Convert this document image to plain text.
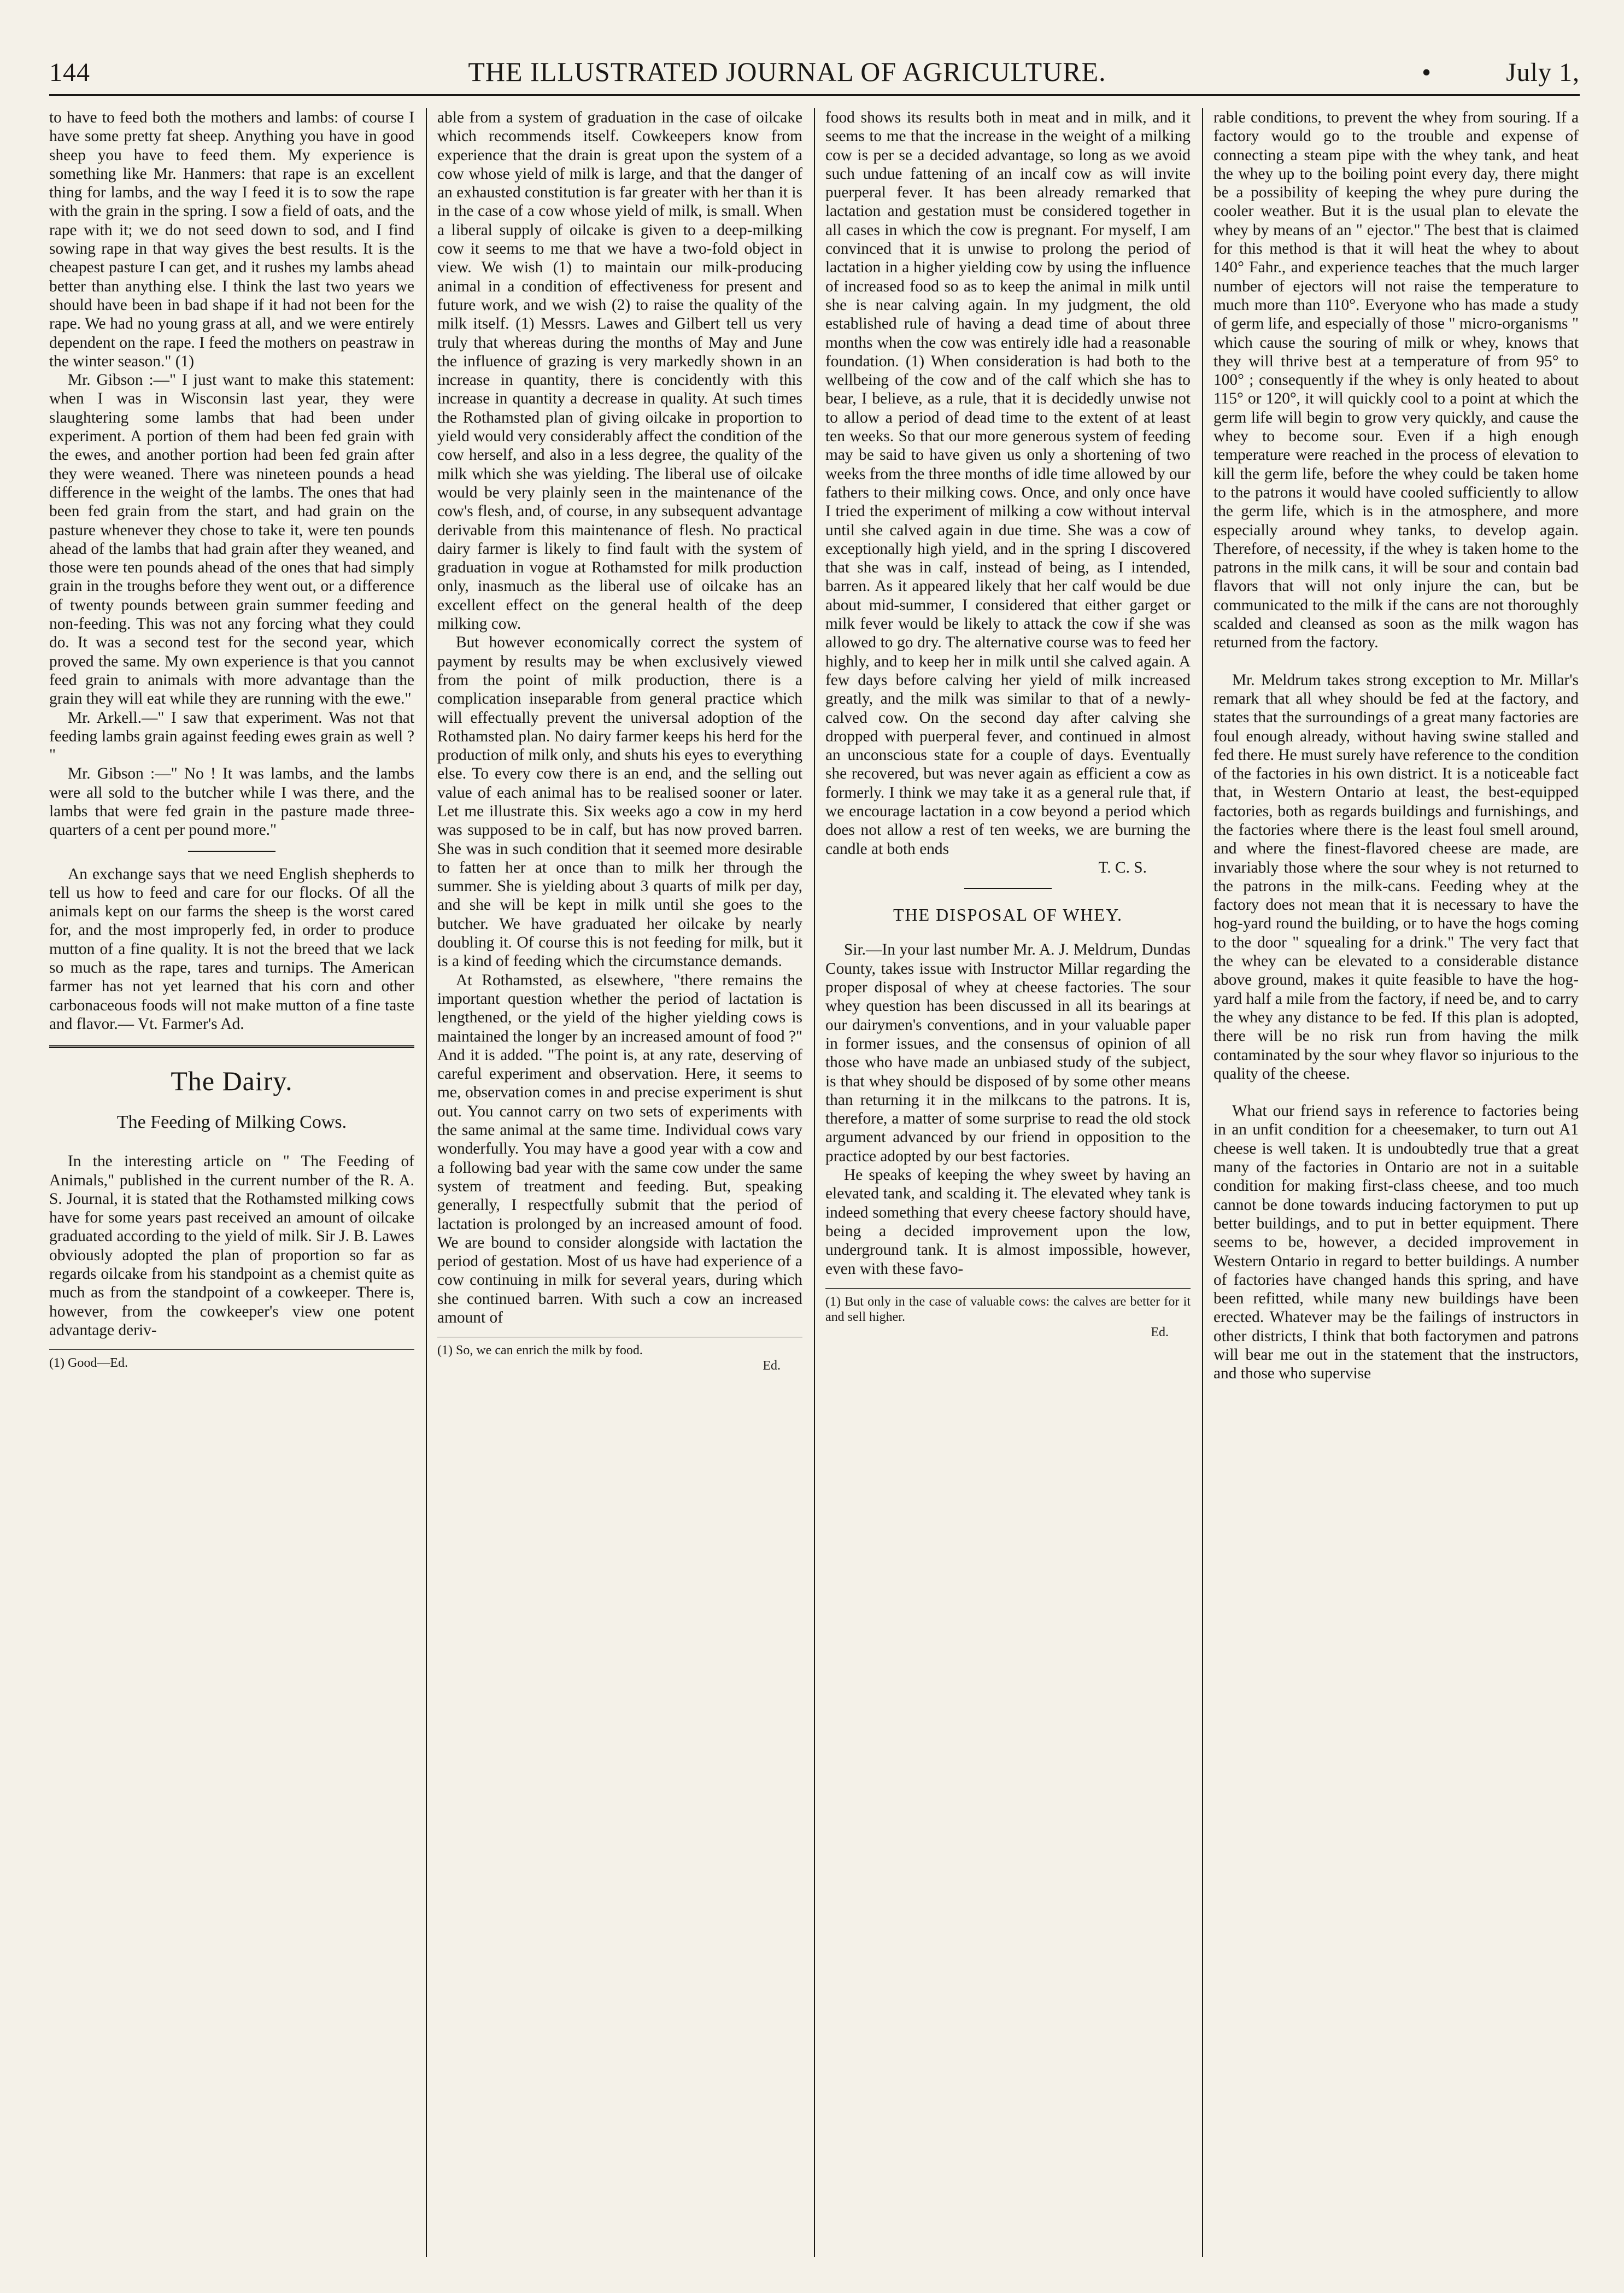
144	THE ILLUSTRATED JOURNAL OF AGRICULTURE.	•	July 1,

to have to feed both the mothers and lambs: of course I have some pretty fat sheep. Anything you have in good sheep you have to feed them. My experience is something like Mr. Hanmers: that rape is an excellent thing for lambs, and the way I feed it is to sow the rape with the grain in the spring. I sow a field of oats, and the rape with it; we do not seed down to sod, and I find sowing rape in that way gives the best results. It is the cheapest pasture I can get, and it rushes my lambs ahead better than anything else. I think the last two years we should have been in bad shape if it had not been for the rape. We had no young grass at all, and we were entirely dependent on the rape. I feed the mothers on peastraw in the winter season." (1)

Mr. Gibson :—" I just want to make this statement: when I was in Wisconsin last year, they were slaughtering some lambs that had been under experiment. A portion of them had been fed grain with the ewes, and another portion had been fed grain after they were weaned. There was nineteen pounds a head difference in the weight of the lambs. The ones that had been fed grain from the start, and had grain on the pasture whenever they chose to take it, were ten pounds ahead of the lambs that had grain after they weaned, and those were ten pounds ahead of the ones that had simply grain in the troughs before they went out, or a difference of twenty pounds between grain summer feeding and non-feeding. This was not any forcing what they could do. It was a second test for the second year, which proved the same. My own experience is that you cannot feed grain to animals with more advantage than the grain they will eat while they are running with the ewe."

Mr. Arkell.—" I saw that experiment. Was not that feeding lambs grain against feeding ewes grain as well ? "

Mr. Gibson :—" No ! It was lambs, and the lambs were all sold to the butcher while I was there, and the lambs that were fed grain in the pasture made three-quarters of a cent per pound more."

An exchange says that we need English shepherds to tell us how to feed and care for our flocks. Of all the animals kept on our farms the sheep is the worst cared for, and the most improperly fed, in order to produce mutton of a fine quality. It is not the breed that we lack so much as the rape, tares and turnips. The American farmer has not yet learned that his corn and other carbonaceous foods will not make mutton of a fine taste and flavor.— Vt. Farmer's Ad.

The Dairy.
The Feeding of Milking Cows.

In the interesting article on " The Feeding of Animals," published in the current number of the R. A. S. Journal, it is stated that the Rothamsted milking cows have for some years past received an amount of oilcake graduated according to the yield of milk. Sir J. B. Lawes obviously adopted the plan of proportion so far as regards oilcake from his standpoint as a chemist quite as much as from the standpoint of a cowkeeper. There is, however, from the cowkeeper's view one potent advantage deriv-

(1) Good—Ed.

able from a system of graduation in the case of oilcake which recommends itself. Cowkeepers know from experience that the drain is great upon the system of a cow whose yield of milk is large, and that the danger of an exhausted constitution is far greater with her than it is in the case of a cow whose yield of milk, is small. When a liberal supply of oilcake is given to a deep-milking cow it seems to me that we have a two-fold object in view. We wish (1) to maintain our milk-producing animal in a condition of effectiveness for present and future work, and we wish (2) to raise the quality of the milk itself. (1) Messrs. Lawes and Gilbert tell us very truly that whereas during the months of May and June the influence of grazing is very markedly shown in an increase in quantity, there is concidently with this increase in quantity a decrease in quality. At such times the Rothamsted plan of giving oilcake in proportion to yield would very considerably affect the condition of the cow herself, and also in a less degree, the quality of the milk which she was yielding. The liberal use of oilcake would be very plainly seen in the maintenance of the cow's flesh, and, of course, in any subsequent advantage derivable from this maintenance of flesh. No practical dairy farmer is likely to find fault with the system of graduation in vogue at Rothamsted for milk production only, inasmuch as the liberal use of oilcake has an excellent effect on the general health of the deep milking cow.

But however economically correct the system of payment by results may be when exclusively viewed from the point of milk production, there is a complication inseparable from general practice which will effectually prevent the universal adoption of the Rothamsted plan. No dairy farmer keeps his herd for the production of milk only, and shuts his eyes to everything else. To every cow there is an end, and the selling out value of each animal has to be realised sooner or later. Let me illustrate this. Six weeks ago a cow in my herd was supposed to be in calf, but has now proved barren. She was in such condition that it seemed more desirable to fatten her at once than to milk her through the summer. She is yielding about 3 quarts of milk per day, and she will be kept in milk until she goes to the butcher. We have graduated her oilcake by nearly doubling it. Of course this is not feeding for milk, but it is a kind of feeding which the circumstance demands.

At Rothamsted, as elsewhere, "there remains the important question whether the period of lactation is lengthened, or the yield of the higher yielding cows is maintained the longer by an increased amount of food ?" And it is added. "The point is, at any rate, deserving of careful experiment and observation. Here, it seems to me, observation comes in and precise experiment is shut out. You cannot carry on two sets of experiments with the same animal at the same time. Individual cows vary wonderfully. You may have a good year with a cow and a following bad year with the same cow under the same system of treatment and feeding. But, speaking generally, I respectfully submit that the period of lactation is prolonged by an increased amount of food. We are bound to consider alongside with lactation the period of gestation. Most of us have had experience of a cow continuing in milk for several years, during which she continued barren. With such a cow an increased amount of

(1) So, we can enrich the milk by food.
Ed.

food shows its results both in meat and in milk, and it seems to me that the increase in the weight of a milking cow is per se a decided advantage, so long as we avoid such undue fattening of an incalf cow as will invite puerperal fever. It has been already remarked that lactation and gestation must be considered together in all cases in which the cow is pregnant. For myself, I am convinced that it is unwise to prolong the period of lactation in a higher yielding cow by using the influence of increased food so as to keep the animal in milk until she is near calving again. In my judgment, the old established rule of having a dead time of about three months when the cow was entirely idle had a reasonable foundation. (1) When consideration is had both to the wellbeing of the cow and of the calf which she has to bear, I believe, as a rule, that it is decidedly unwise not to allow a period of dead time to the extent of at least ten weeks. So that our more generous system of feeding may be said to have given us only a shortening of two weeks from the three months of idle time allowed by our fathers to their milking cows. Once, and only once have I tried the experiment of milking a cow without interval until she calved again in due time. She was a cow of exceptionally high yield, and in the spring I discovered that she was in calf, instead of being, as I intended, barren. As it appeared likely that her calf would be due about mid-summer, I considered that either garget or milk fever would be likely to attack the cow if she was allowed to go dry. The alternative course was to feed her highly, and to keep her in milk until she calved again. A few days before calving her yield of milk increased greatly, and the milk was similar to that of a newly-calved cow. On the second day after calving she dropped with puerperal fever, and continued in almost an unconscious state for a couple of days. Eventually she recovered, but was never again as efficient a cow as formerly. I think we may take it as a general rule that, if we encourage lactation in a cow beyond a period which does not allow a rest of ten weeks, we are burning the candle at both ends

T. C. S.
THE DISPOSAL OF WHEY.

Sir.—In your last number Mr. A. J. Meldrum, Dundas County, takes issue with Instructor Millar regarding the proper disposal of whey at cheese factories. The sour whey question has been discussed in all its bearings at our dairymen's conventions, and in your valuable paper in former issues, and the consensus of opinion of all those who have made an unbiased study of the subject, is that whey should be disposed of by some other means than returning it in the milkcans to the patrons. It is, therefore, a matter of some surprise to read the old stock argument advanced by our friend in opposition to the practice adopted by our best factories.

He speaks of keeping the whey sweet by having an elevated tank, and scalding it. The elevated whey tank is indeed something that every cheese factory should have, being a decided improvement upon the low, underground tank. It is almost impossible, however, even with these favo-

(1) But only in the case of valuable cows: the calves are better for it and sell higher.
Ed.

rable conditions, to prevent the whey from souring. If a factory would go to the trouble and expense of connecting a steam pipe with the whey tank, and heat the whey up to the boiling point every day, there might be a possibility of keeping the whey pure during the cooler weather. But it is the usual plan to elevate the whey by means of an " ejector." The best that is claimed for this method is that it will heat the whey to about 140° Fahr., and experience teaches that the much larger number of ejectors will not raise the temperature to much more than 110°. Everyone who has made a study of germ life, and especially of those " micro-organisms " which cause the souring of milk or whey, knows that they will thrive best at a temperature of from 95° to 100° ; consequently if the whey is only heated to about 115° or 120°, it will quickly cool to a point at which the germ life will begin to grow very quickly, and cause the whey to become sour. Even if a high enough temperature were reached in the process of elevation to kill the germ life, before the whey could be taken home to the patrons it would have cooled sufficiently to allow the germ life, which is in the atmosphere, and more especially around whey tanks, to develop again. Therefore, of necessity, if the whey is taken home to the patrons in the milk cans, it will be sour and contain bad flavors that will not only injure the can, but be communicated to the milk if the cans are not thoroughly scalded and cleansed as soon as the milk wagon has returned from the factory.

Mr. Meldrum takes strong exception to Mr. Millar's remark that all whey should be fed at the factory, and states that the surroundings of a great many factories are foul enough already, without having swine stalled and fed there. He must surely have reference to the condition of the factories in his own district. It is a noticeable fact that, in Western Ontario at least, the best-equipped factories, both as regards buildings and furnishings, and the factories where there is the least foul smell around, and where the finest-flavored cheese are made, are invariably those where the sour whey is not returned to the patrons in the milk-cans. Feeding whey at the factory does not mean that it is necessary to have the hog-yard round the building, or to have the hogs coming to the door " squealing for a drink." The very fact that the whey can be elevated to a considerable distance above ground, makes it quite feasible to have the hog-yard half a mile from the factory, if need be, and to carry the whey any distance to be fed. If this plan is adopted, there will be no risk run from having the milk contaminated by the sour whey flavor so injurious to the quality of the cheese.

What our friend says in reference to factories being in an unfit condition for a cheesemaker, to turn out A1 cheese is well taken. It is undoubtedly true that a great many of the factories in Ontario are not in a suitable condition for making first-class cheese, and too much cannot be done towards inducing factorymen to put up better buildings, and to put in better equipment. There seems to be, however, a decided improvement in Western Ontario in regard to better buildings. A number of factories have changed hands this spring, and have been refitted, while many new buildings have been erected. Whatever may be the failings of instructors in other districts, I think that both factorymen and patrons will bear me out in the statement that the instructors, and those who supervise
